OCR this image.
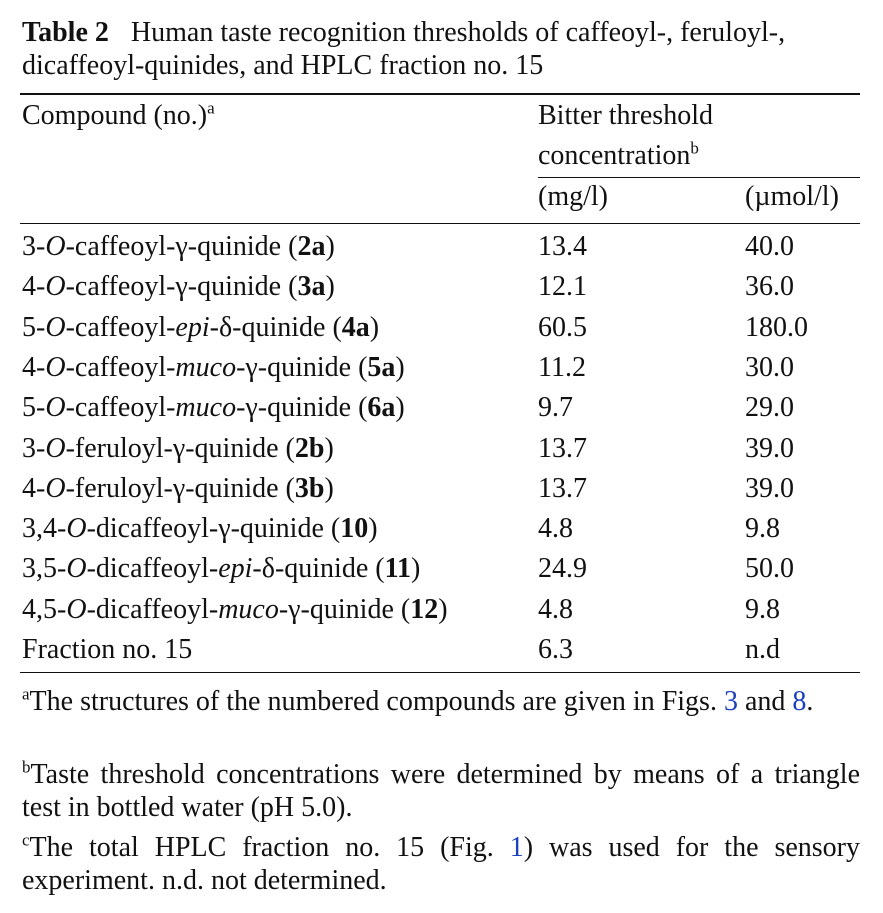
Table 2 Human taste recognition thresholds of caffeoyl-, feruloyl-, dicaffeoyl-quinides, and HPLC fraction no. 15
Compound $(no.)^a$	Bitter threshold
concentration$^b$
(mg/l)	(µmol/l)
3-O-caffeoyl-γ-quinide (2a)	13.4	40.0
4-O-caffeoyl-γ-quinide (3a)	12.1	36.0
5-O-caffeoyl-epi-δ-quinide (4a)	60.5	180.0
4-O-caffeoyl-muco-γ-quinide (5a)	11.2	30.0
5-O-caffeoyl-muco-γ-quinide (6a)	9.7	29.0
3-O-feruloyl-γ-quinide (2b)	13.7	39.0
4-O-feruloyl-γ-quinide (3b)	13.7	39.0
3,4-O-dicaffeoyl-γ-quinide (10)	4.8	9.8
3,5-O-dicaffeoyl-epi-δ-quinide (11)	24.9	50.0
4,5-O-dicaffeoyl-muco-γ-quinide (12)	4.8	9.8
Fraction no. 15	6.3	n.d
$^a$The structures of the numbered compounds are given in Figs. 3 and 8.
$^b$Taste threshold concentrations were determined by means of a triangle test in bottled water (pH 5.0).
$^c$The total HPLC fraction no. 15 (Fig. 1) was used for the sensory experiment. n.d. not determined.
